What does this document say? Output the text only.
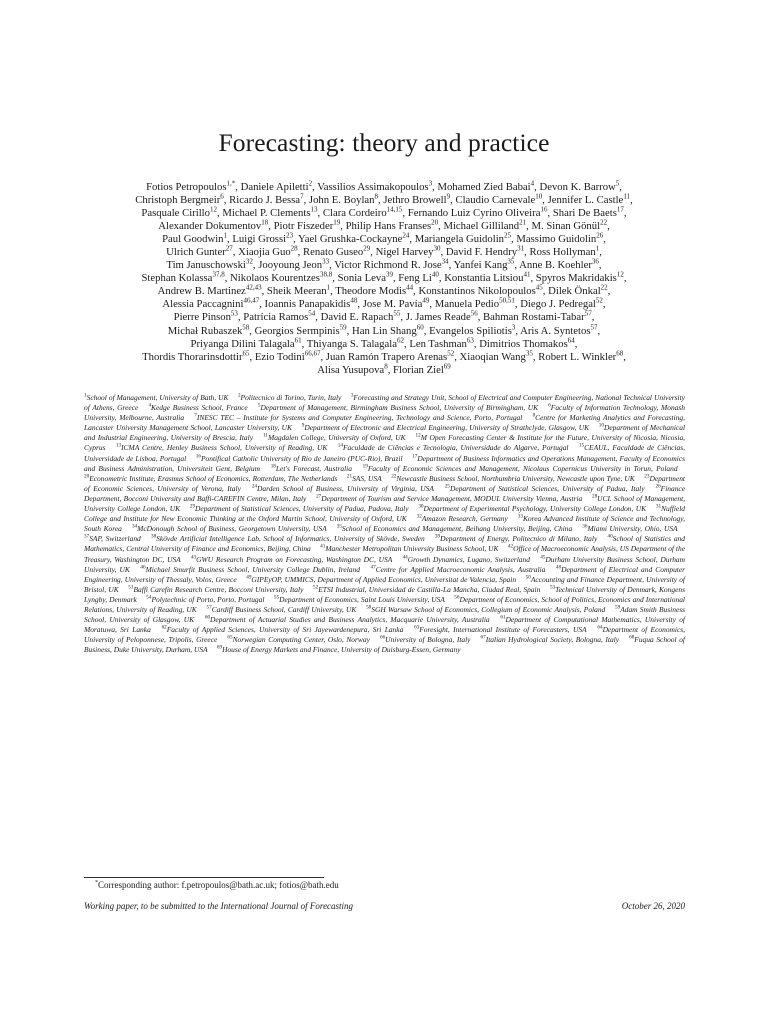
Forecasting: theory and practice
Fotios Petropoulos$^{1,*}$, Daniele Apiletti$^2$, Vassilios Assimakopoulos$^3$, Mohamed Zied Babai$^4$, Devon K. Barrow$^5$,
Christoph Bergmeir$^6$, Ricardo J. Bessa$^7$, John E. Boylan$^8$, Jethro Browell$^9$, Claudio Carnevale$^{10}$, Jennifer L. Castle$^{11}$,
Pasquale Cirillo$^{12}$, Michael P. Clements$^{13}$, Clara Cordeiro$^{14,15}$, Fernando Luiz Cyrino Oliveira$^{16}$, Shari De Baets$^{17}$,
Alexander Dokumentov$^{18}$, Piotr Fiszeder$^{19}$, Philip Hans Franses$^{20}$, Michael Gilliland$^{21}$, M. Sinan Gönül$^{22}$,
Paul Goodwin$^1$, Luigi Grossi$^{23}$, Yael Grushka-Cockayne$^{24}$, Mariangela Guidolin$^{25}$, Massimo Guidolin$^{26}$,
Ulrich Gunter$^{27}$, Xiaojia Guo$^{28}$, Renato Guseo$^{29}$, Nigel Harvey$^{30}$, David F. Hendry$^{31}$, Ross Hollyman$^1$,
Tim Januschowski$^{32}$, Jooyoung Jeon$^{33}$, Victor Richmond R. Jose$^{34}$, Yanfei Kang$^{35}$, Anne B. Koehler$^{36}$,
Stephan Kolassa$^{37,8}$, Nikolaos Kourentzes$^{38,8}$, Sonia Leva$^{39}$, Feng Li$^{40}$, Konstantia Litsiou$^{41}$, Spyros Makridakis$^{12}$,
Andrew B. Martinez$^{42,43}$, Sheik Meeran$^1$, Theodore Modis$^{44}$, Konstantinos Nikolopoulos$^{45}$, Dilek Önkal$^{22}$,
Alessia Paccagnini$^{46,47}$, Ioannis Panapakidis$^{48}$, Jose M. Pavía$^{49}$, Manuela Pedio$^{50,51}$, Diego J. Pedregal$^{52}$,
Pierre Pinson$^{53}$, Patrícia Ramos$^{54}$, David E. Rapach$^{55}$, J. James Reade$^{56}$, Bahman Rostami-Tabar$^{57}$,
Michał Rubaszek$^{58}$, Georgios Sermpinis$^{59}$, Han Lin Shang$^{60}$, Evangelos Spiliotis$^3$, Aris A. Syntetos$^{57}$,
Priyanga Dilini Talagala$^{61}$, Thiyanga S. Talagala$^{62}$, Len Tashman$^{63}$, Dimitrios Thomakos$^{64}$,
Thordis Thorarinsdottir$^{65}$, Ezio Todini$^{66,67}$, Juan Ramón Trapero Arenas$^{52}$, Xiaoqian Wang$^{35}$, Robert L. Winkler$^{68}$,
Alisa Yusupova$^8$, Florian Ziel$^{69}$
$^1$School of Management, University of Bath, UK  $^2$Politecnico di Torino, Turin, Italy  $^3$Forecasting and Strategy Unit, School of Electrical and Computer Engineering, National Technical University of Athens, Greece  $^4$Kedge Business School, France  $^5$Department of Management, Birmingham Business School, University of Birmingham, UK  $^6$Faculty of Information Technology, Monash University, Melbourne, Australia  $^7$INESC TEC – Institute for Systems and Computer Engineering, Technology and Science, Porto, Portugal  $^8$Centre for Marketing Analytics and Forecasting, Lancaster University Management School, Lancaster University, UK  $^9$Department of Electronic and Electrical Engineering, University of Strathclyde, Glasgow, UK  $^{10}$Department of Mechanical and Industrial Engineering, University of Brescia, Italy  $^{11}$Magdalen College, University of Oxford, UK  $^{12}$M Open Forecasting Center & Institute for the Future, University of Nicosia, Nicosia, Cyprus  $^{13}$ICMA Centre, Henley Business School, University of Reading, UK  $^{14}$Faculdade de Ciências e Tecnologia, Universidade do Algarve, Portugal  $^{15}$CEAUL, Faculdade de Ciências, Universidade de Lisboa, Portugal  $^{16}$Pontifical Catholic University of Rio de Janeiro (PUC-Rio), Brazil  $^{17}$Department of Business Informatics and Operations Management, Faculty of Economics and Business Administration, Universiteit Gent, Belgium  $^{18}$Let's Forecast, Australia  $^{19}$Faculty of Economic Sciences and Management, Nicolaus Copernicus University in Torun, Poland  $^{20}$Econometric Institute, Erasmus School of Economics, Rotterdam, The Netherlands  $^{21}$SAS, USA  $^{22}$Newcastle Business School, Northumbria University, Newcastle upon Tyne, UK  $^{23}$Department of Economic Sciences, University of Verona, Italy  $^{24}$Darden School of Business, University of Virginia, USA  $^{25}$Department of Statistical Sciences, University of Padua, Italy  $^{26}$Finance Department, Bocconi University and Baffi-CAREFIN Centre, Milan, Italy  $^{27}$Department of Tourism and Service Management, MODUL University Vienna, Austria  $^{28}$UCL School of Management, University College London, UK  $^{29}$Department of Statistical Sciences, University of Padua, Padova, Italy  $^{30}$Department of Experimental Psychology, University College London, UK  $^{31}$Nuffield College and Institute for New Economic Thinking at the Oxford Martin School, University of Oxford, UK  $^{32}$Amazon Research, Germany  $^{33}$Korea Advanced Institute of Science and Technology, South Korea  $^{34}$McDonough School of Business, Georgetown University, USA  $^{35}$School of Economics and Management, Beihang University, Beijing, China  $^{36}$Miami University, Ohio, USA  $^{37}$SAP, Switzerland  $^{38}$Skövde Artificial Intelligence Lab, School of Informatics, University of Skövde, Sweden  $^{39}$Department of Energy, Politecnico di Milano, Italy  $^{40}$School of Statistics and Mathematics, Central University of Finance and Economics, Beijing, China  $^{41}$Manchester Metropolitan University Business School, UK  $^{42}$Office of Macroeconomic Analysis, US Department of the Treasury, Washington DC, USA  $^{43}$GWU Research Program on Forecasting, Washington DC, USA  $^{44}$Growth Dynamics, Lugano, Switzerland  $^{45}$Durham University Business School, Durham University, UK  $^{46}$Michael Smurfit Business School, University College Dublin, Ireland  $^{47}$Centre for Applied Macroeconomic Analysis, Australia  $^{48}$Department of Electrical and Computer Engineering, University of Thessaly, Volos, Greece  $^{49}$GIPEyOP, UMMICS, Department of Applied Economics, Universitat de Valencia, Spain  $^{50}$Accounting and Finance Department, University of Bristol, UK  $^{51}$Baffi Carefin Research Centre, Bocconi University, Italy  $^{52}$ETSI Industrial, Universidad de Castilla-La Mancha, Ciudad Real, Spain  $^{53}$Technical University of Denmark, Kongens Lyngby, Denmark  $^{54}$Polytechnic of Porto, Porto, Portugal  $^{55}$Department of Economics, Saint Louis University, USA  $^{56}$Department of Economics, School of Politics, Economics and International Relations, University of Reading, UK  $^{57}$Cardiff Business School, Cardiff University, UK  $^{58}$SGH Warsaw School of Economics, Collegium of Economic Analysis, Poland  $^{59}$Adam Smith Business School, University of Glasgow, UK  $^{60}$Department of Actuarial Studies and Business Analytics, Macquarie University, Australia  $^{61}$Department of Computational Mathematics, University of Moratuwa, Sri Lanka  $^{62}$Faculty of Applied Sciences, University of Sri Jayewardenepura, Sri Lanka  $^{63}$Foresight, International Institute of Forecasters, USA  $^{64}$Department of Economics, University of Peloponnese, Tripolis, Greece  $^{65}$Norwegian Computing Center, Oslo, Norway  $^{66}$University of Bologna, Italy  $^{67}$Italian Hydrological Society, Bologna, Italy  $^{68}$Fuqua School of Business, Duke University, Durham, USA  $^{69}$House of Energy Markets and Finance, University of Duisburg-Essen, Germany
*Corresponding author: f.petropoulos@bath.ac.uk; fotios@bath.edu
Working paper, to be submitted to the International Journal of Forecasting	October 26, 2020
